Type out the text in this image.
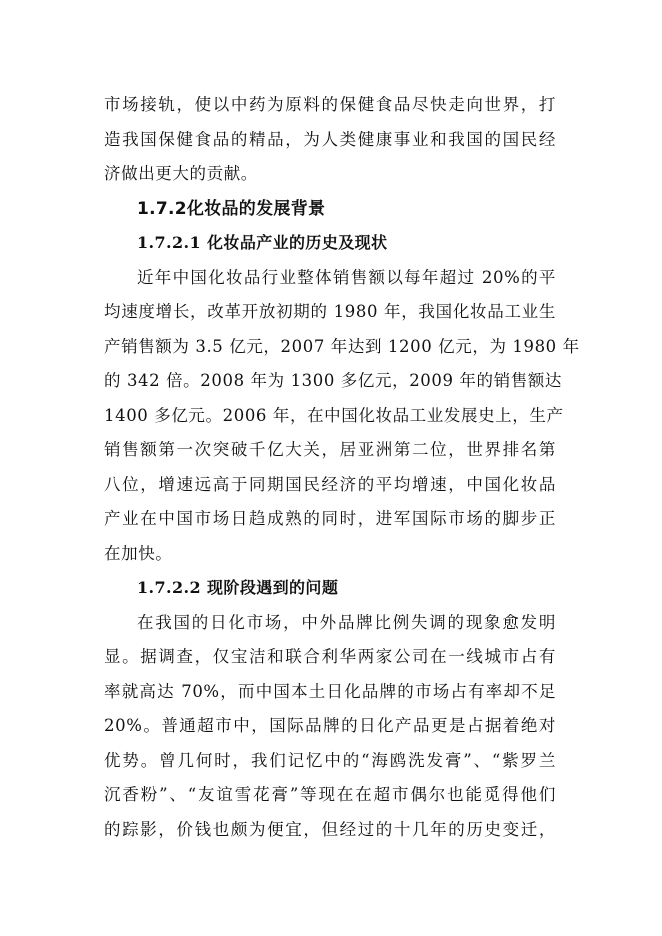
市场接轨，使以中药为原料的保健食品尽快走向世界，打
造我国保健食品的精品，为人类健康事业和我国的国民经
济做出更大的贡献。
1.7.2化妆品的发展背景
1.7.2.1 化妆品产业的历史及现状
近年中国化妆品行业整体销售额以每年超过 20%的平
均速度增长，改革开放初期的 1980 年，我国化妆品工业生
产销售额为 3.5 亿元，2007 年达到 1200 亿元，为 1980 年
的 342 倍。2008 年为 1300 多亿元，2009 年的销售额达
1400 多亿元。2006 年，在中国化妆品工业发展史上，生产
销售额第一次突破千亿大关，居亚洲第二位，世界排名第
八位，增速远高于同期国民经济的平均增速，中国化妆品
产业在中国市场日趋成熟的同时，进军国际市场的脚步正
在加快。
1.7.2.2 现阶段遇到的问题
在我国的日化市场，中外品牌比例失调的现象愈发明
显。据调查，仅宝洁和联合利华两家公司在一线城市占有
率就高达 70%，而中国本土日化品牌的市场占有率却不足
20%。普通超市中，国际品牌的日化产品更是占据着绝对
优势。曾几何时，我们记忆中的“海鸥洗发膏”、“紫罗兰
沉香粉”、“友谊雪花膏”等现在在超市偶尔也能觅得他们
的踪影，价钱也颇为便宜，但经过的十几年的历史变迁，
